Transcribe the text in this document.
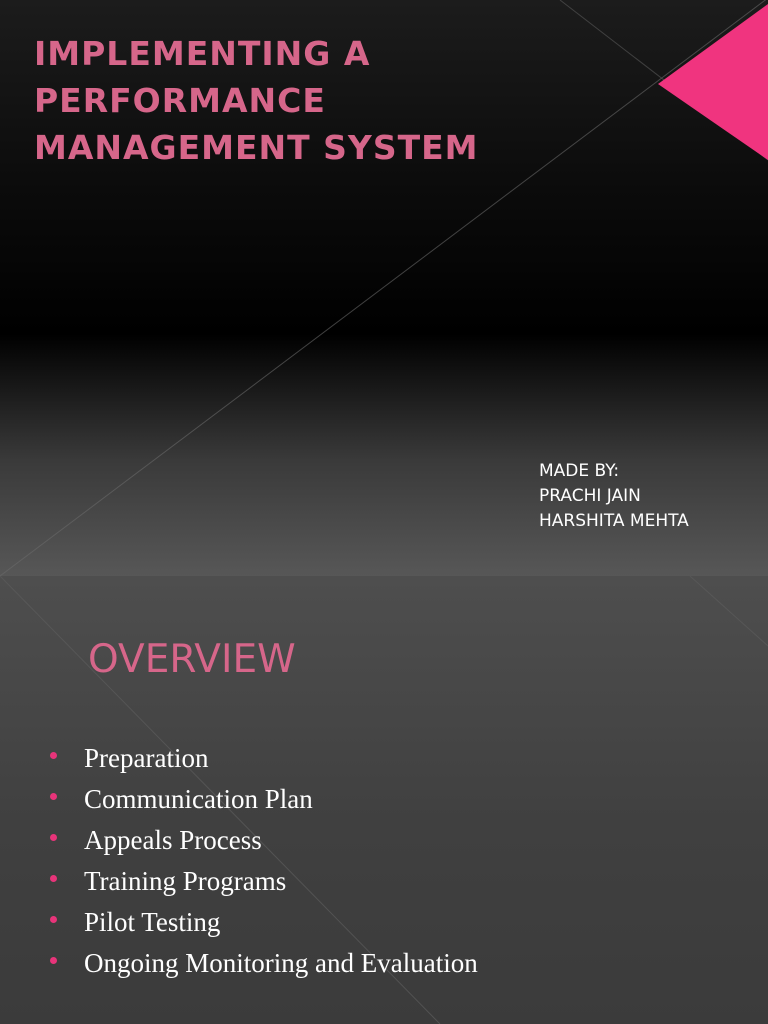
IMPLEMENTING A
PERFORMANCE
MANAGEMENT SYSTEM
MADE BY:
PRACHI JAIN
HARSHITA MEHTA
OVERVIEW
Preparation
Communication Plan
Appeals Process
Training Programs
Pilot Testing
Ongoing Monitoring and Evaluation
